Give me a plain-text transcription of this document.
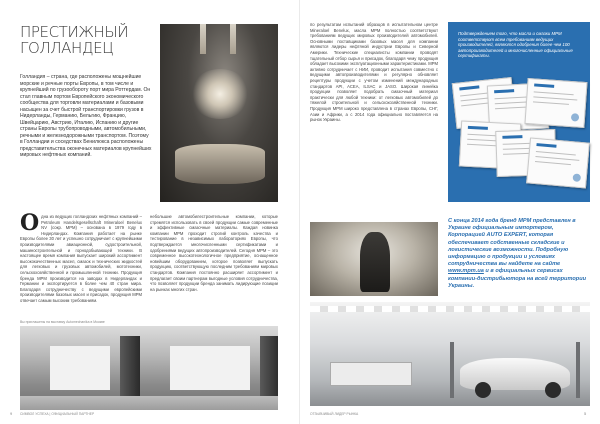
ПРЕСТИЖНЫЙ ГОЛЛАНДЕЦ

Голландия – страна, где расположены мощнейшие морские и речные порты Европы, в том числе и крупнейший по грузообороту порт мира Роттердам. Он стал главным портом Европейского экономического сообщества для торговли материалами и базовыми насыщен за счет быстрой транспортировки грузов в Нидерланды, Германию, Бельгию, Францию, Швейцарию, Австрию, Италию, Испанию и другие страны Европы трубопроводными, автомобильными, речными и железнодорожными транспортом. Поэтому в Голландии и соседствах Бенилюкса расположены представительства оконечных материалов крупнейших мировых нефтяных компаний.

Одна из ведущих голландских нефтяных компаний – Petroleum Handelsgesellschaft Mineraloel Benelux NV (сокр. MPM) – основана в 1979 году в Нидерландах. Компания работает на рынке Европы более 30 лет и успешно сотрудничает с крупнейшими производителями авиационной, судостроительной, машиностроительной и горнодобывающей техники. В настоящее время компания выпускает широкий ассортимент высококачественных масел, смазок и технических жидкостей для легковых и грузовых автомобилей, мототехники, сельскохозяйственной и промышленной техники. Продукция бренда MPM производится на заводах в Нидерландах и Германии и экспортируется в более чем 40 стран мира. Благодаря сотрудничеству с ведущими европейскими производителями базовых масел и присадок, продукция MPM отвечает самым высоким требованиям.

небольшие автомобилестроительные компании, которые стремятся использовать в своей продукции самые современные и эффективные смазочные материалы. Каждая новинка компании MPM проходит строгий контроль качества и тестирование в независимых лабораториях Европы, что подтверждается многочисленными сертификатами и одобрениями ведущих автопроизводителей. Сегодня MPM – это современное высокотехнологичное предприятие, оснащенное новейшим оборудованием, которое позволяет выпускать продукцию, соответствующую последним требованиям мировых стандартов. Компания постоянно расширяет ассортимент и предлагает своим партнерам выгодные условия сотрудничества, что позволяет продукции бренда занимать лидирующие позиции на рынках многих стран.

Вы приглашены на выставку Automechanika в Москве

СИМВОЛ УСПЕХА | ОФИЦИАЛЬНЫЙ ПАРТНЕР
9

по результатам испытаний образцов в испытательном центре Mineraloel Benelux, масла MPM полностью соответствуют требованиям ведущих мировых производителей автомобилей. Основными поставщиками базовых масел для компании являются лидеры нефтяной индустрии Европы и Северной Америки. Технические специалисты компании проводят тщательный отбор сырья и присадок, благодаря чему продукция обладает высокими эксплуатационными характеристиками. MPM активно сотрудничает с НИИ, проводит испытания совместно с ведущими автопроизводителями и регулярно обновляет рецептуры продукции с учетом изменений международных стандартов API, ACEA, ILSAC и JASO. Широкая линейка продукции позволяет подобрать смазочный материал практически для любой техники: от легковых автомобилей до тяжелой строительной и сельскохозяйственной техники. Продукция MPM широко представлена в странах Европы, СНГ, Азии и Африки, а с 2014 года официально поставляется на рынок Украины.

Подтверждением того, что масла и смазки MPM соответствуют всем требованиям ведущих производителей, являются одобрения более чем 100 автопроизводителей и многочисленные официальные сертификаты.

С конца 2014 года бренд MPM представлен в Украине официальным импортером, Корпорацией AUTO EXPERT, которая обеспечивает собственные складские и логистические возможности. Подробную информацию о продукции и условиях сотрудничества вы найдете на сайте www.mpm.ua и в официальных сервисах компании-дистрибьютора на всей территории Украины.

ОТЗЫВЧИВЫЙ ЛИДЕР РЫНКА	5
